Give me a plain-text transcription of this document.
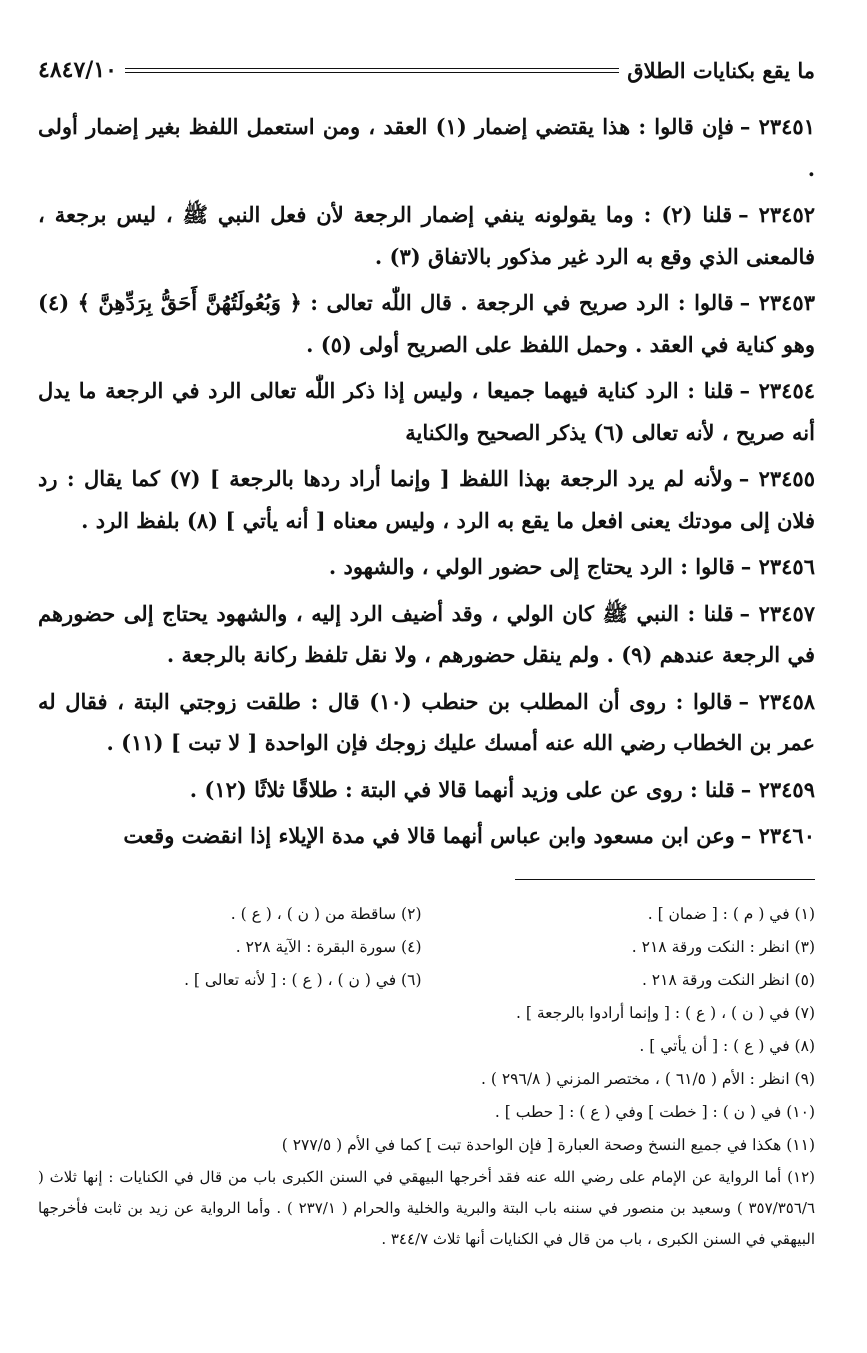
ما يقع بكنايات الطلاق
٤٨٤٧/١٠

٢٣٤٥١ –فإن قالوا : هذا يقتضي إضمار (١) العقد ، ومن استعمل اللفظ بغير إضمار أولى .

٢٣٤٥٢ –قلنا (٢) : وما يقولونه ينفي إضمار الرجعة لأن فعل النبي ﷺ ، ليس برجعة ، فالمعنى الذي وقع به الرد غير مذكور بالاتفاق (٣) .

٢٣٤٥٣ –قالوا : الرد صريح في الرجعة . قال اللّٰه تعالى : ﴿ وَبُعُولَتُهُنَّ أَحَقُّ بِرَدِّهِنَّ ﴾ (٤) وهو كناية في العقد . وحمل اللفظ على الصريح أولى (٥) .

٢٣٤٥٤ –قلنا : الرد كناية فيهما جميعا ، وليس إذا ذكر اللّٰه تعالى الرد في الرجعة ما يدل أنه صريح ، لأنه تعالى (٦) يذكر الصحيح والكناية

٢٣٤٥٥ –ولأنه لم يرد الرجعة بهذا اللفظ [ وإنما أراد ردها بالرجعة ] (٧) كما يقال : رد فلان إلى مودتك يعنى افعل ما يقع به الرد ، وليس معناه [ أنه يأتي ] (٨) بلفظ الرد .

٢٣٤٥٦ –قالوا : الرد يحتاج إلى حضور الولي ، والشهود .

٢٣٤٥٧ –قلنا : النبي ﷺ كان الولي ، وقد أضيف الرد إليه ، والشهود يحتاج إلى حضورهم في الرجعة عندهم (٩) . ولم ينقل حضورهم ، ولا نقل تلفظ ركانة بالرجعة .

٢٣٤٥٨ –قالوا : روى أن المطلب بن حنطب (١٠) قال : طلقت زوجتي البتة ، فقال له عمر بن الخطاب رضي الله عنه أمسك عليك زوجك فإن الواحدة [ لا تبت ] (١١) .

٢٣٤٥٩ –قلنا : روى عن على وزيد أنهما قالا في البتة : طلاقًا ثلاثًا (١٢) .

٢٣٤٦٠ –وعن ابن مسعود وابن عباس أنهما قالا في مدة الإيلاء إذا انقضت وقعت

(١) في ( م ) : [ ضمان ] .
(٢) ساقطة من ( ن ) ، ( ع ) .
(٣) انظر : النكت ورقة ٢١٨ .
(٤) سورة البقرة : الآية ٢٢٨ .
(٥) انظر النكت ورقة ٢١٨ .
(٦) في ( ن ) ، ( ع ) : [ لأنه تعالى ] .
(٧) في ( ن ) ، ( ع ) : [ وإنما أرادوا بالرجعة ] .
(٨) في ( ع ) : [ أن يأتي ] .
(٩) انظر : الأم ( ٦١/٥ ) ، مختصر المزني ( ٢٩٦/٨ ) .
(١٠) في ( ن ) : [ خطت ] وفي ( ع ) : [ حطب ] .
(١١) هكذا في جميع النسخ وصحة العبارة [ فإن الواحدة تبت ] كما في الأم ( ٢٧٧/٥ )
(١٢) أما الرواية عن الإمام على رضي الله عنه فقد أخرجها البيهقي في السنن الكبرى باب من قال في الكنايات : إنها ثلاث ( ٣٥٧/٣٥٦/٦ ) وسعيد بن منصور في سننه باب البتة والبرية والخلية والحرام ( ٢٣٧/١ ) . وأما الرواية عن زيد بن ثابت فأخرجها البيهقي في السنن الكبرى ، باب من قال في الكنايات أنها ثلاث ٣٤٤/٧ .
